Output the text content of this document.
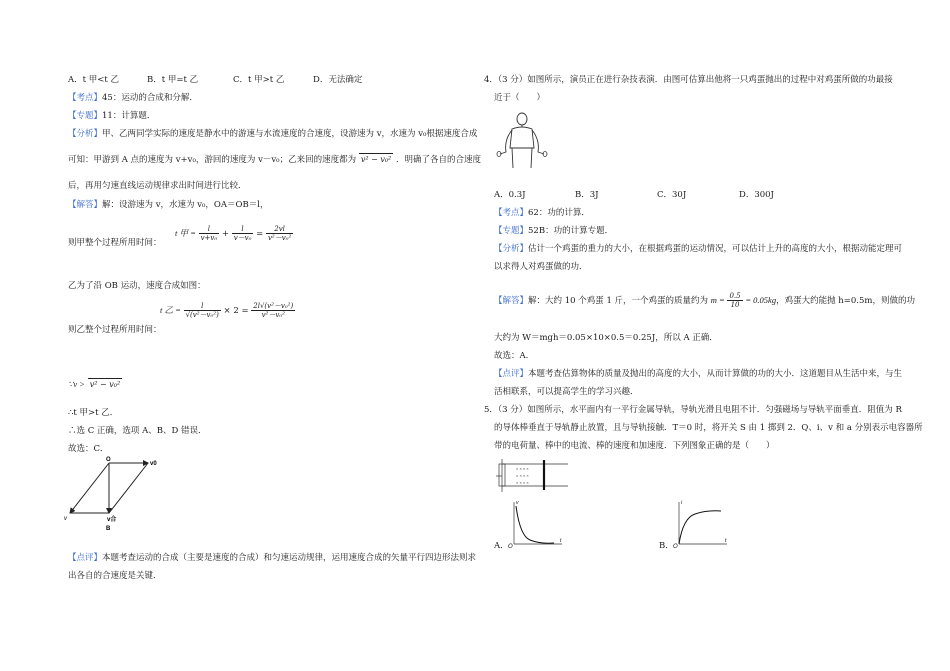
A．t 甲<t 乙	B．t 甲=t 乙	C．t 甲>t 乙	D．无法确定
【考点】45：运动的合成和分解．
【专题】11：计算题．
【分析】甲、乙两同学实际的速度是静水中的游速与水流速度的合速度，设游速为 v，水速为 v₀根据速度合成
可知：甲游到 A 点的速度为 v+v₀，游回的速度为 v－v₀；乙来回的速度都为 v² − v₀² ．明确了各自的合速度
后，再用匀速直线运动规律求出时间进行比较．
【解答】解：设游速为 v，水速为 v₀，OA＝OB＝l，
t 甲 = $\frac{l}{\text{v+v₀}} + \frac{l}{\text{v－v₀}} = \frac{2vl}{\text{v²－v₀²}}$
则甲整个过程所用时间：
乙为了沿 OB 运动，速度合成如图：
t 乙 = $\frac{l}{\text{√(v²－v₀²)}} \times 2 = \frac{\text{2l√(v²－v₀²)}}{\text{v²－v₀²}}$
则乙整个过程所用时间：
∵v > v² − v₀²
∴t 甲>t 乙．
∴选 C 正确，选项 A、B、D 错误．
故选：C．
O
v0
v	v合
B
【点评】本题考查运动的合成（主要是速度的合成）和匀速运动规律，运用速度合成的矢量平行四边形法则求
出各自的合速度是关键．
4．（3 分）如图所示，演员正在进行杂技表演．由图可估算出他将一只鸡蛋抛出的过程中对鸡蛋所做的功最接
近于（　　）
A．0.3J	B．3J	C．30J	D．300J
【考点】62：功的计算．
【专题】52B：功的计算专题．
【分析】估计一个鸡蛋的重力的大小，在根据鸡蛋的运动情况，可以估计上升的高度的大小，根据动能定理可
以求得人对鸡蛋做的功．
【解答】解：大约 10 个鸡蛋 1 斤，一个鸡蛋的质量约为 $m = \frac{0.5}{10} = 0.05kg$，鸡蛋大约能抛 h=0.5m，则做的功
大约为 W＝mgh＝0.05×10×0.5＝0.25J，所以 A 正确．
故选：A．
【点评】本题考查估算物体的质量及抛出的高度的大小，从而计算做的功的大小．这道题目从生活中来，与生
活相联系，可以提高学生的学习兴趣．
5．（3 分）如图所示，水平面内有一平行金属导轨，导轨光滑且电阻不计．匀强磁场与导轨平面垂直．阻值为 R
的导体棒垂直于导轨静止放置，且与导轨接触．T＝0 时，将开关 S 由 1 掷到 2．Q、i、v 和 a 分别表示电容器所
带的电荷量、棒中的电流、棒的速度和加速度．下列图象正确的是（　　）
× × × ×
× × × ×
× × × ×
A． O
t
v
B． O
t
i
